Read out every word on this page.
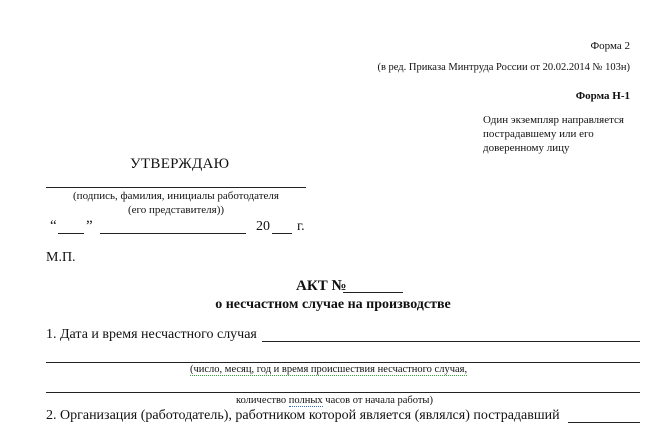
Форма 2
(в ред. Приказа Минтруда России от 20.02.2014 № 103н)
Форма Н-1
Один экземпляр направляется пострадавшему или его доверенному лицу
УТВЕРЖДАЮ
(подпись, фамилия, инициалы работодателя
(его представителя))
“ ”	20 г.
М.П.
АКТ №
о несчастном случае на производстве
1. Дата и время несчастного случая
(число, месяц, год и время происшествия несчастного случая,
количество полных часов от начала работы)
2. Организация (работодатель), работником которой является (являлся) пострадавший
